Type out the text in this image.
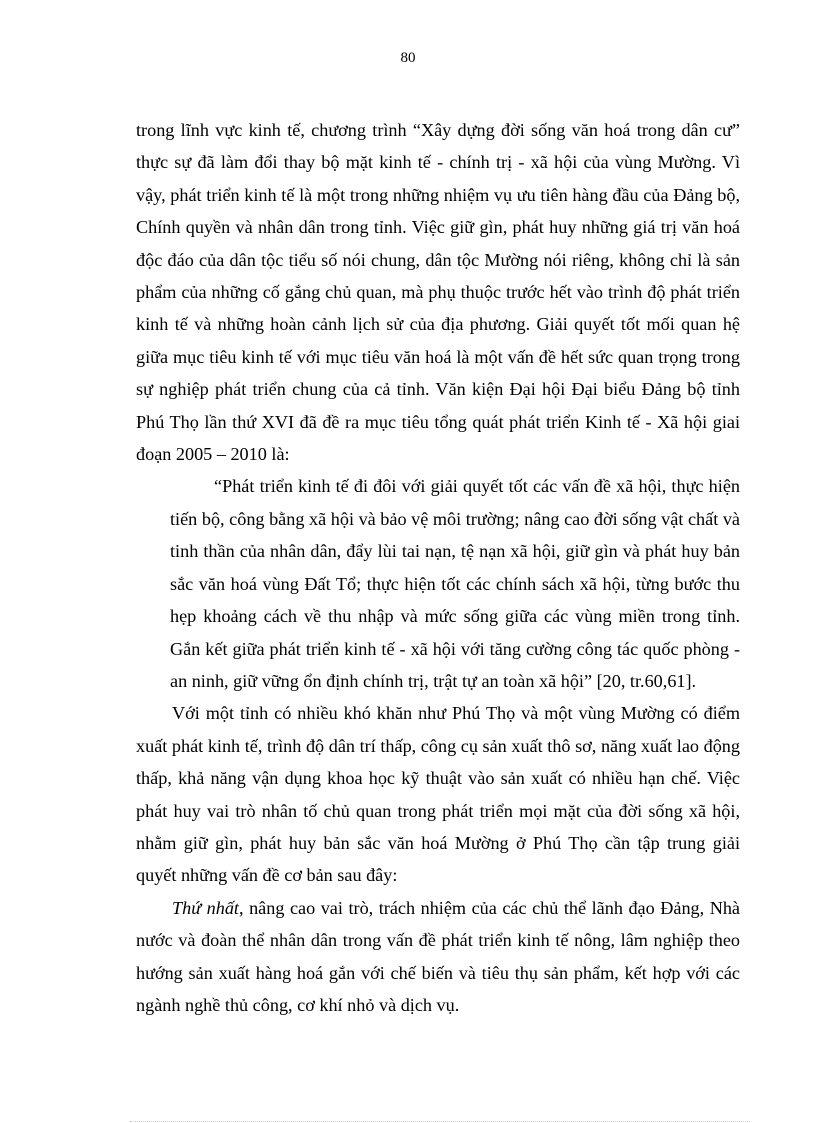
80

trong lĩnh vực kinh tế, chương trình “Xây dựng đời sống văn hoá trong dân cư” thực sự đã làm đổi thay bộ mặt kinh tế - chính trị - xã hội của vùng Mường. Vì vậy, phát triển kinh tế là một trong những nhiệm vụ ưu tiên hàng đầu của Đảng bộ, Chính quyền và nhân dân trong tỉnh. Việc giữ gìn, phát huy những giá trị văn hoá độc đáo của dân tộc tiểu số nói chung, dân tộc Mường nói riêng, không chỉ là sản phẩm của những cố gắng chủ quan, mà phụ thuộc trước hết vào trình độ phát triển kinh tế và những hoàn cảnh lịch sử của địa phương. Giải quyết tốt mối quan hệ giữa mục tiêu kinh tế với mục tiêu văn hoá là một vấn đề hết sức quan trọng trong sự nghiệp phát triển chung của cả tỉnh. Văn kiện Đại hội Đại biểu Đảng bộ tỉnh Phú Thọ lần thứ XVI đã đề ra mục tiêu tổng quát phát triển Kinh tế - Xã hội giai đoạn 2005 – 2010 là:

“Phát triển kinh tế đi đôi với giải quyết tốt các vấn đề xã hội, thực hiện tiến bộ, công bằng xã hội và bảo vệ môi trường; nâng cao đời sống vật chất và tinh thần của nhân dân, đẩy lùi tai nạn, tệ nạn xã hội, giữ gìn và phát huy bản sắc văn hoá vùng Đất Tổ; thực hiện tốt các chính sách xã hội, từng bước thu hẹp khoảng cách về thu nhập và mức sống giữa các vùng miền trong tỉnh. Gắn kết giữa phát triển kinh tế - xã hội với tăng cường công tác quốc phòng - an ninh, giữ vững ổn định chính trị, trật tự an toàn xã hội” [20, tr.60,61].

Với một tỉnh có nhiều khó khăn như Phú Thọ và một vùng Mường có điểm xuất phát kinh tế, trình độ dân trí thấp, công cụ sản xuất thô sơ, năng xuất lao động thấp, khả năng vận dụng khoa học kỹ thuật vào sản xuất có nhiều hạn chế. Việc phát huy vai trò nhân tố chủ quan trong phát triển mọi mặt của đời sống xã hội, nhằm giữ gìn, phát huy bản sắc văn hoá Mường ở Phú Thọ cần tập trung giải quyết những vấn đề cơ bản sau đây:

Thứ nhất, nâng cao vai trò, trách nhiệm của các chủ thể lãnh đạo Đảng, Nhà nước và đoàn thể nhân dân trong vấn đề phát triển kinh tế nông, lâm nghiệp theo hướng sản xuất hàng hoá gắn với chế biến và tiêu thụ sản phẩm, kết hợp với các ngành nghề thủ công, cơ khí nhỏ và dịch vụ.
